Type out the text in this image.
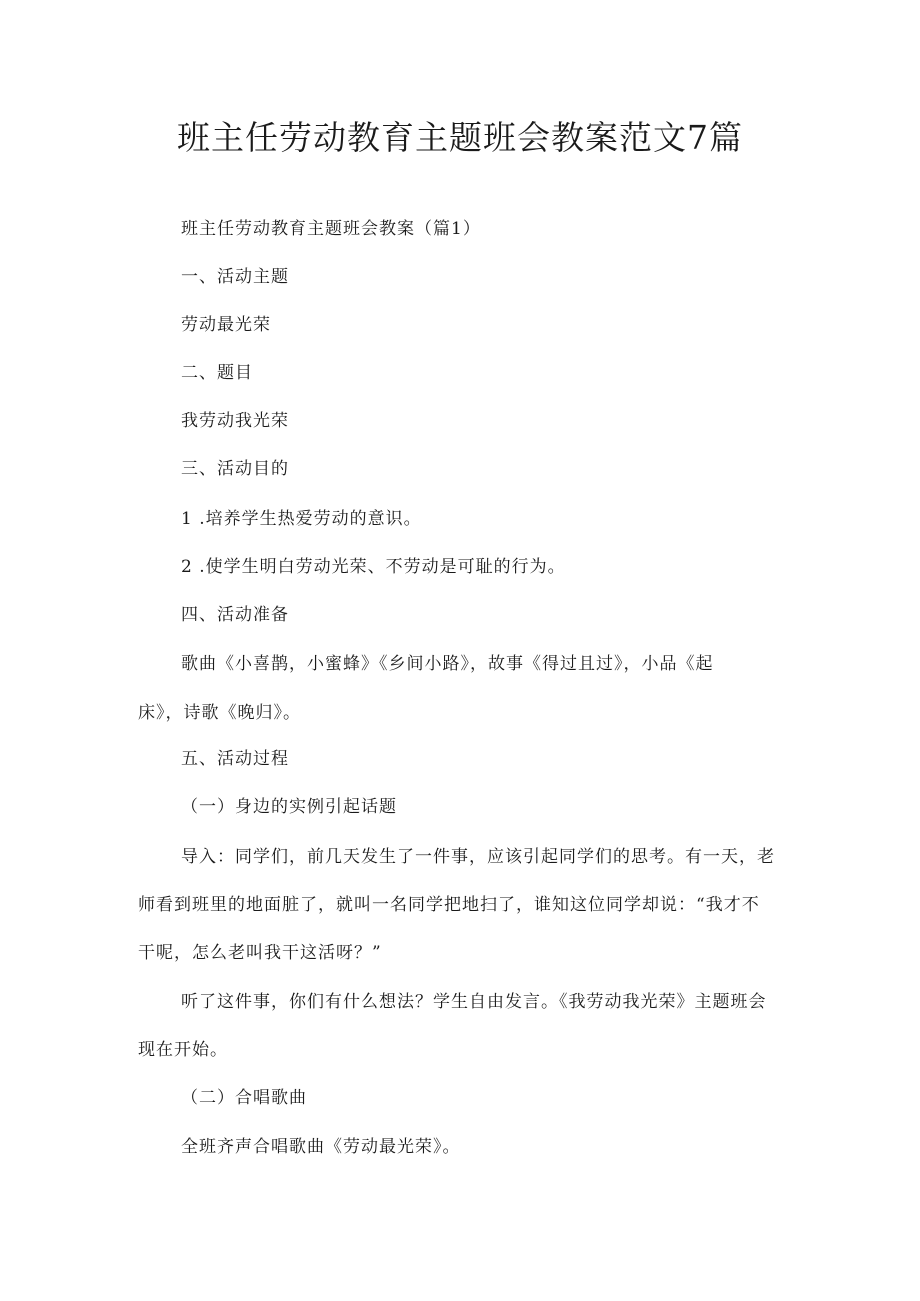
班主任劳动教育主题班会教案范文7篇
班主任劳动教育主题班会教案（篇1）
一、活动主题
劳动最光荣
二、题目
我劳动我光荣
三、活动目的
1 .培养学生热爱劳动的意识。
2 .使学生明白劳动光荣、不劳动是可耻的行为。
四、活动准备
歌曲《小喜鹊，小蜜蜂》《乡间小路》，故事《得过且过》，小品《起
床》，诗歌《晚归》。
五、活动过程
（一）身边的实例引起话题
导入：同学们，前几天发生了一件事，应该引起同学们的思考。有一天，老
师看到班里的地面脏了，就叫一名同学把地扫了，谁知这位同学却说：“我才不
干呢，怎么老叫我干这活呀？”
听了这件事，你们有什么想法？学生自由发言。《我劳动我光荣》主题班会
现在开始。
（二）合唱歌曲
全班齐声合唱歌曲《劳动最光荣》。
